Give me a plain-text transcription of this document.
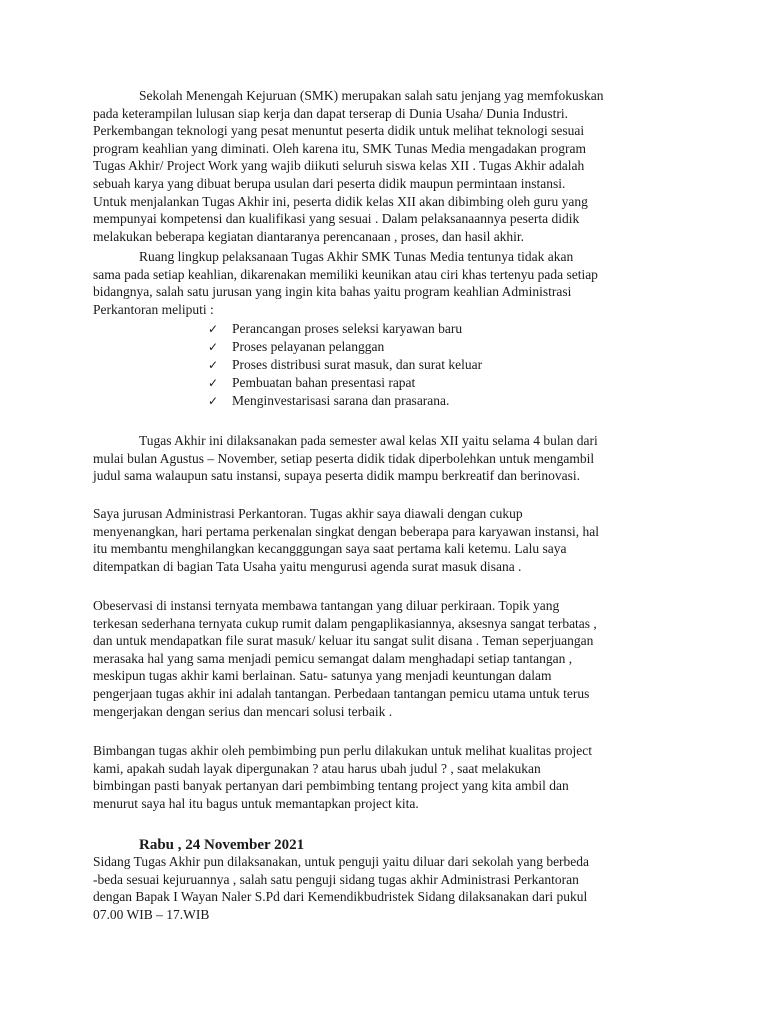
Sekolah Menengah Kejuruan (SMK) merupakan salah satu jenjang yag memfokuskan
pada keterampilan lulusan siap kerja dan dapat terserap di Dunia Usaha/ Dunia Industri.
Perkembangan teknologi yang pesat menuntut peserta didik untuk melihat teknologi sesuai
program keahlian yang diminati. Oleh karena itu, SMK Tunas Media mengadakan program
Tugas Akhir/ Project Work yang wajib diikuti seluruh siswa kelas XII . Tugas Akhir adalah
sebuah karya yang dibuat berupa usulan dari peserta didik maupun permintaan instansi.
Untuk menjalankan Tugas Akhir ini, peserta didik kelas XII akan dibimbing oleh guru yang
mempunyai kompetensi dan kualifikasi yang sesuai . Dalam pelaksanaannya peserta didik
melakukan beberapa kegiatan diantaranya perencanaan , proses, dan hasil akhir.
Ruang lingkup pelaksanaan Tugas Akhir SMK Tunas Media tentunya tidak akan
sama pada setiap keahlian, dikarenakan memiliki keunikan atau ciri khas tertenyu pada setiap
bidangnya, salah satu jurusan yang ingin kita bahas yaitu program keahlian Administrasi
Perkantoran meliputi :
✓	Perancangan proses seleksi karyawan baru
✓	Proses pelayanan pelanggan
✓	Proses distribusi surat masuk, dan surat keluar
✓	Pembuatan bahan presentasi rapat
✓	Menginvestarisasi sarana dan prasarana.
Tugas Akhir ini dilaksanakan pada semester awal kelas XII yaitu selama 4 bulan dari
mulai bulan Agustus – November, setiap peserta didik tidak diperbolehkan untuk mengambil
judul sama walaupun satu instansi, supaya peserta didik mampu berkreatif dan berinovasi.
Saya jurusan Administrasi Perkantoran. Tugas akhir saya diawali dengan cukup
menyenangkan, hari pertama perkenalan singkat dengan beberapa para karyawan instansi, hal
itu membantu menghilangkan kecangggungan saya saat pertama kali ketemu. Lalu saya
ditempatkan di bagian Tata Usaha yaitu mengurusi agenda surat masuk disana .
Obeservasi di instansi ternyata membawa tantangan yang diluar perkiraan. Topik yang
terkesan sederhana ternyata cukup rumit dalam pengaplikasiannya, aksesnya sangat terbatas ,
dan untuk mendapatkan file surat masuk/ keluar itu sangat sulit disana . Teman seperjuangan
merasaka hal yang sama menjadi pemicu semangat dalam menghadapi setiap tantangan ,
meskipun tugas akhir kami berlainan. Satu- satunya yang menjadi keuntungan dalam
pengerjaan tugas akhir ini adalah tantangan. Perbedaan tantangan pemicu utama untuk terus
mengerjakan dengan serius dan mencari solusi terbaik .
Bimbangan tugas akhir oleh pembimbing pun perlu dilakukan untuk melihat kualitas project
kami, apakah sudah layak dipergunakan ? atau harus ubah judul ? , saat melakukan
bimbingan pasti banyak pertanyan dari pembimbing tentang project yang kita ambil dan
menurut saya hal itu bagus untuk memantapkan project kita.
Rabu , 24 November 2021
Sidang Tugas Akhir pun dilaksanakan, untuk penguji yaitu diluar dari sekolah yang berbeda
-beda sesuai kejuruannya , salah satu penguji sidang tugas akhir Administrasi Perkantoran
dengan Bapak I Wayan Naler S.Pd dari Kemendikbudristek Sidang dilaksanakan dari pukul
07.00 WIB – 17.WIB
